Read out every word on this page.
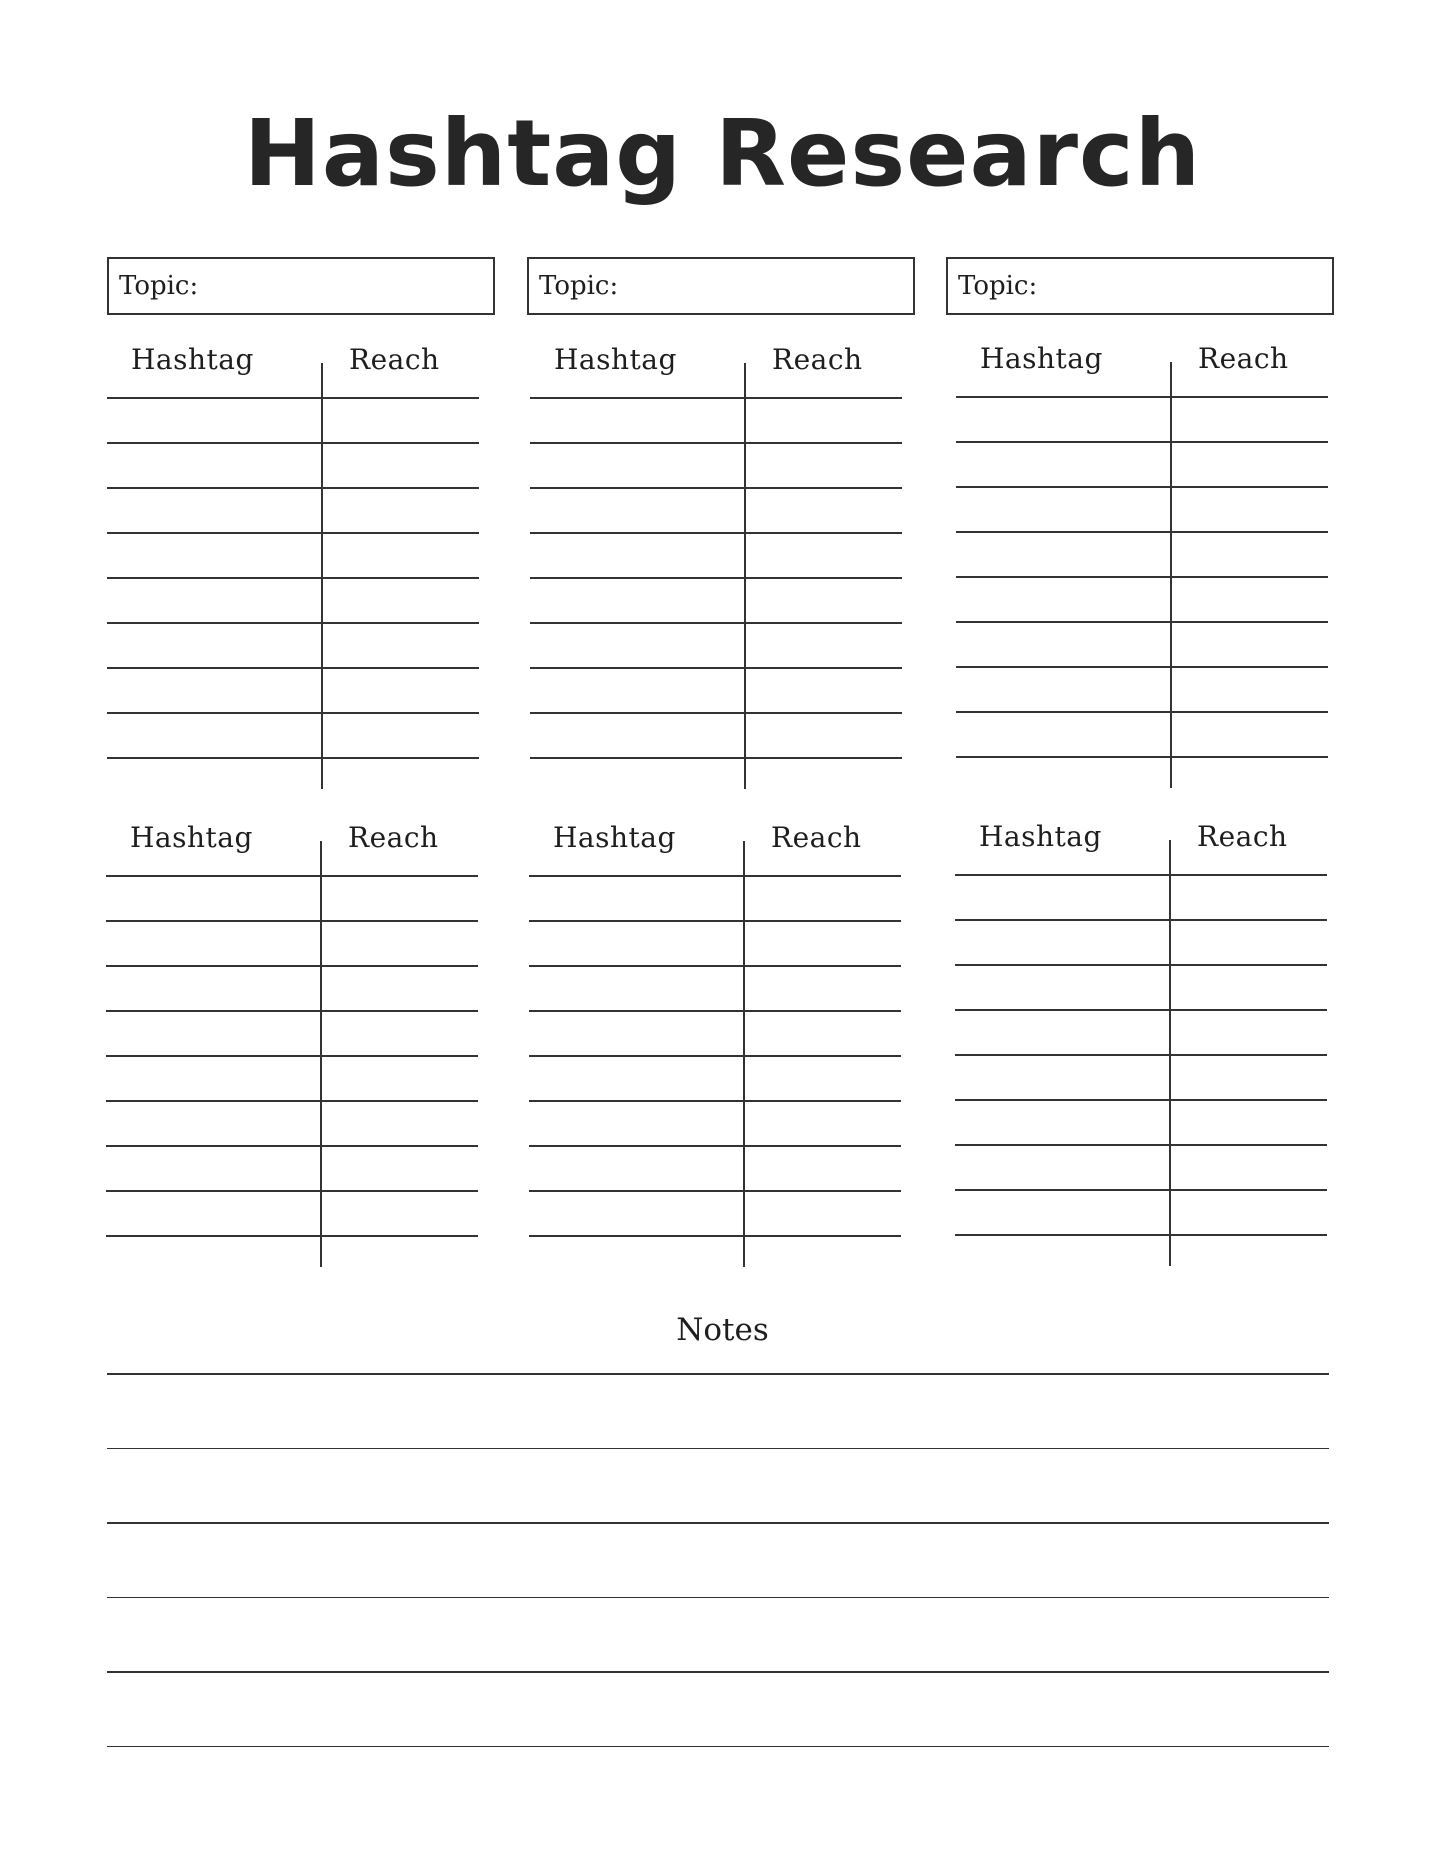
Hashtag Research
Topic:	Topic:	Topic:
Hashtag	Reach	Hashtag	Reach	Hashtag	Reach
Hashtag	Reach	Hashtag	Reach	Hashtag	Reach
Notes
